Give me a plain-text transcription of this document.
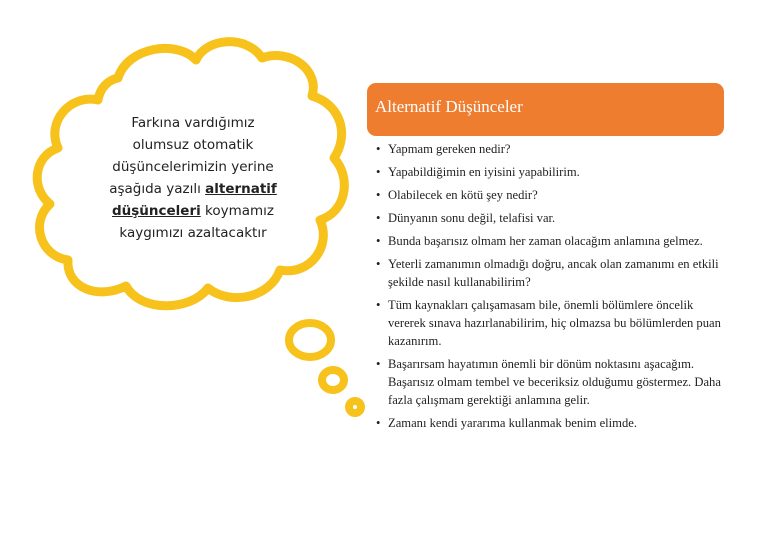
Farkına vardığımız
olumsuz otomatik
düşüncelerimizin yerine
aşağıda yazılı alternatif
düşünceleri koymamız
kaygımızı azaltacaktır
Alternatif Düşünceler
• Yapmam gereken nedir?
• Yapabildiğimin en iyisini yapabilirim.
• Olabilecek en kötü şey nedir?
• Dünyanın sonu değil, telafisi var.
• Bunda başarısız olmam her zaman olacağım anlamına gelmez.
• Yeterli zamanımın olmadığı doğru, ancak olan zamanımı en etkili şekilde nasıl kullanabilirim?
• Tüm kaynakları çalışamasam bile, önemli bölümlere öncelik vererek sınava hazırlanabilirim, hiç olmazsa bu bölümlerden puan kazanırım.
• Başarırsam hayatımın önemli bir dönüm noktasını aşacağım. Başarısız olmam tembel ve beceriksiz olduğumu göstermez. Daha fazla çalışmam gerektiği anlamına gelir.
• Zamanı kendi yararıma kullanmak benim elimde.
